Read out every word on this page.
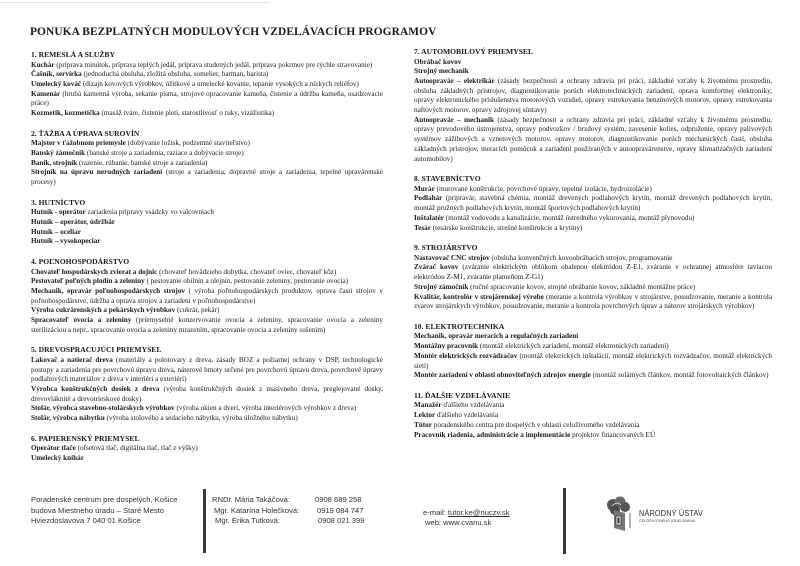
PONUKA BEZPLATNÝCH MODULOVÝCH VZDELÁVACÍCH PROGRAMOV
1. REMESLÁ A SLUŽBY
Kuchár (príprava minútok, príprava teplých jedál, príprava studených jedál, príprava pokrmov pre rýchle stravovanie)
Čašník, servírka (jednoduchá obsluha, zložitá obsluha, somelier, barman, barista)
Umelecký kováč (dizajn kovových výrobkov, úžitkové a umelecké kovanie, tepanie vysokých a nízkych reliéfov)
Kamenár (hrubá kamenná výroba, sekanie písma, strojové opracovanie kameňa, čistenie a údržba kameňa, osadzovacie práce)
Kozmetik, kozmetička (masáž tváre, čistenie pleti, starostlivosť o ruky, vizážistika)
2. ŤAŽBA A ÚPRAVA SUROVÍN
Majster v ťažobnom priemysle (dobývanie ložísk, podzemné staviteľstvo)
Banský zámočník (banské stroje a zariadenia, raziace a dobývacie stroje)
Baník, strojník (razenie, rúbanie, banské stroje a zariadenia)
Strojník na úpravu nerudných zariadení (stroje a zariadenia, dopravné stroje a zariadenia, tepelné upravárenské procesy)
3. HUTNÍCTVO
Hutník - operátor zariadenia prípravy vsádzky vo valcovniach
Hutník – operátor, údržbár
Hutník – oceliar
Hutník – vysokopeciar
4. POĽNOHOSPODÁRSTVO
Chovateľ hospodárskych zvierat a dojnic (chovateľ hovädzieho dobytka, chovateľ oviec, chovateľ kôz)
Pestovateľ poľných plodín a zeleniny ( pestovanie obilnín a olejnín, pestovanie zeleniny, pestovanie ovocia)
Mechanik, opravár poľnohospodárskych strojov ( výroba poľnohospodárskych produktov, oprava časti strojov v poľnohospodárstve, údržba a oprava strojov a zariadení v poľnohospodárstve)
Výroba cukrárenských a pekárskych výrobkov (cukrár, pekár)
Spracovateľ ovocia a zeleniny (priemyselné konzervovanie ovocia a zeleniny, spracovanie ovocia a zeleniny sterilizáciou a nepr., spracovanie ovocia a zeleniny mrazením, spracovanie ovocia a zeleniny sušením)
5. DREVOSPRACUJÚCI PRIEMYSEL
Lakovač a natierač dreva (materiály a polotovary z dreva, zásady BOZ a požiarnej ochrany v DSP, technologické postupy a zariadenia pre povrchovú úpravu dreva, náterové hmoty určené pre povrchovú úpravu dreva, povrchové úpravy podlahových materiálov z dreva v interiéri a exteriéri)
Výrobca konštrukčných dosiek z dreva (výroba konštrukčných dosiek z masívneho dreva, preglejované dosky, drevovláknité a drevotrieskové dosky)
Stolár, výrobca stavebno-stolárskych výrobkov (výroba okien a dverí, výroba interiérových výrobkov z dreva)
Stolár, výrobca nábytku (výroba stolového a sedacieho nábytku, výroba úložného nábytku)
6. PAPIERENSKÝ PRIEMYSEL
Operátor tlače (ofsetová tlač, digitálna tlač, tlač z výšky)
Umelecký knihár
7. AUTOMOBILOVÝ PRIEMYSEL
Obrábač kovov
Strojný mechanik
Autoopravár – elektrikár (zásady bezpečnosti a ochrany zdravia pri práci, základné vzťahy k životnému prostrediu, obsluha základných prístrojov, diagnostikovanie porúch elektrotechnických zariadení, oprava komfortnej elektroniky, opravy elektronického príslušenstva motorových vozidiel, opravy vstrekovania benzínových motorov, opravy vstrekovania naftových motorov, opravy zdrojovej sústavy)
Autoopravár – mechanik (zásady bezpečnosti a ochrany zdravia pri práci, základné vzťahy k životnému prostrediu, opravy prevodového ústrojenstva, opravy podvozkov / brzdový systém, zavesenie kolies, odpruženie, opravy palivových systémov zážihových a vznetových motorov, opravy motorov, diagnostikovanie porúch mechanických častí, obsluha základných prístrojov, meracích pomôcok a zariadení používaných v autoopravárenstve, opravy klimatizačných zariadení automobilov)
8. STAVEBNÍCTVO
Murár (murované konštrukcie, povrchové úpravy, tepelné izolácie, hydroizolácie)
Podlahár (pripravár, stavebná chémia, montáž drevených podlahových krytín, montáž drevených podlahových krytín, montáž pružných podlahových krytín, montáž športových podlahových krytín)
Inštalatér (montáž vodovodu a kanalizácie, montáž ústredného vykurovania, montáž plynovodu)
Tesár (tesárske konštrukcie, strešné konštrukcie a krytiny)
9. STROJÁRSTVO
Nastavovač CNC strojov (obsluha konvenčných kovoobrábacích strojov, programovanie
Zvárač kovov (zváranie elektrickým oblúkom obalenou elektródou Z-E1, zváranie v ochrannej atmosfére taviacou elektródou Z-M1, zváranie plameňom Z-G1)
Strojný zámočník (ručné spracovanie kovov, strojné obrábanie kovov, základné montážne práce)
Kvalitár, kontrolór v strojárenskej výrobe (meranie a kontrola výrobkov v strojárstve, posudzovanie, meranie a kontrola zvarov strojárskych výrobkov, posudzovanie, meranie a kontrola povrchových úprav a náterov strojárskych výrobkov)
10. ELEKTROTECHNIKA
Mechanik, opravár meracích a regulačných zariadení
Montážny pracovník (montáž elektrických zariadení, montáž elektronických zariadení)
Montér elektrických rozvádzačov (montáž elektrických inštalácií, montáž elektrických rozvádzačov, montáž elektrických sietí)
Montér zariadení v oblasti obnoviteľných zdrojov energie (montáž solárnych článkov, montáž fotovoltaických článkov)
11. ĎALŠIE VZDELÁVANIE
Manažér ďalšieho vzdelávania
Lektor ďalšieho vzdelávania
Tútor poradenského centra pre dospelých v oblasti celoživotného vzdelávania
Pracovník riadenia, administrácie a implementácie projektov financovaných EÚ
Poradenské centrum pre dospelých, Košice
budova Miestneho úradu – Staré Mesto
Hviezdoslavova 7 040 01 Košice
RNDr. Mária Takáčová:	0908 689 258
Mgr. Katarína Holečková:	0919 084 747
Mgr. Erika Tutková:	0908 021 399
e-mail: tutor.ke@nuczv.sk
web: www.cvanu.sk
NÁRODNÝ ÚSTAV
CELOŽIVOTNÉHO VZDELÁVANIA
